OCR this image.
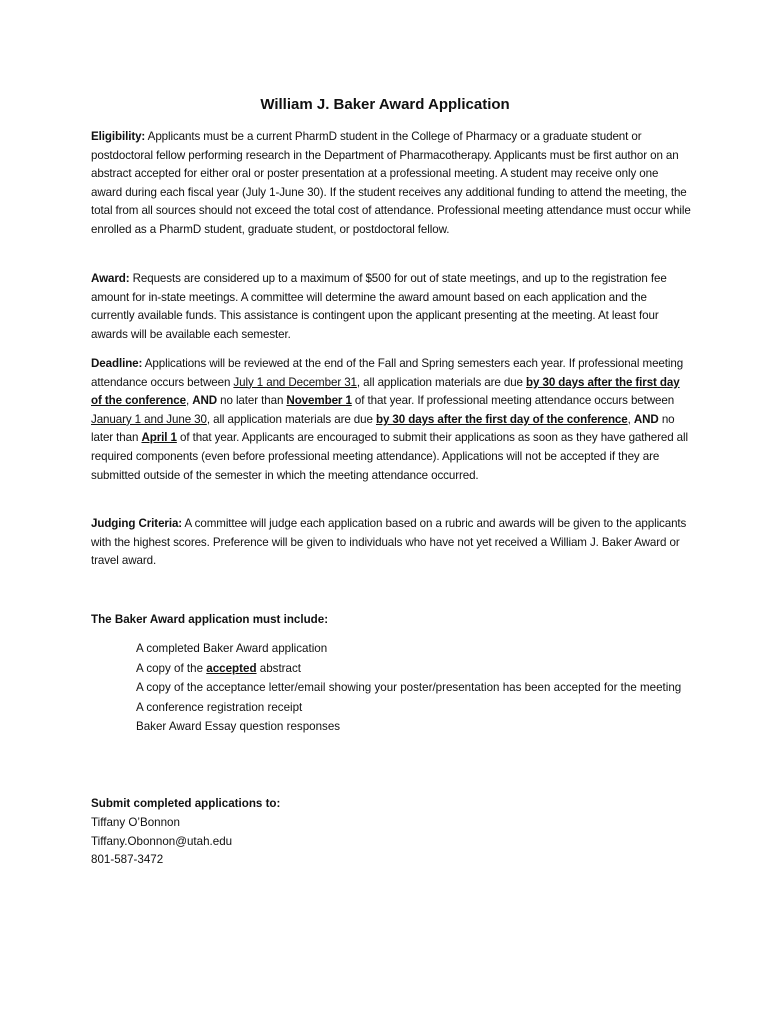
William J. Baker Award Application
Eligibility: Applicants must be a current PharmD student in the College of Pharmacy or a graduate student or postdoctoral fellow performing research in the Department of Pharmacotherapy. Applicants must be first author on an abstract accepted for either oral or poster presentation at a professional meeting. A student may receive only one award during each fiscal year (July 1-June 30). If the student receives any additional funding to attend the meeting, the total from all sources should not exceed the total cost of attendance. Professional meeting attendance must occur while enrolled as a PharmD student, graduate student, or postdoctoral fellow.
Award: Requests are considered up to a maximum of $500 for out of state meetings, and up to the registration fee amount for in-state meetings. A committee will determine the award amount based on each application and the currently available funds. This assistance is contingent upon the applicant presenting at the meeting. At least four awards will be available each semester.
Deadline: Applications will be reviewed at the end of the Fall and Spring semesters each year. If professional meeting attendance occurs between July 1 and December 31, all application materials are due by 30 days after the first day of the conference, AND no later than November 1 of that year. If professional meeting attendance occurs between January 1 and June 30, all application materials are due by 30 days after the first day of the conference, AND no later than April 1 of that year. Applicants are encouraged to submit their applications as soon as they have gathered all required components (even before professional meeting attendance). Applications will not be accepted if they are submitted outside of the semester in which the meeting attendance occurred.
Judging Criteria: A committee will judge each application based on a rubric and awards will be given to the applicants with the highest scores. Preference will be given to individuals who have not yet received a William J. Baker Award or travel award.
The Baker Award application must include:
A completed Baker Award application
A copy of the accepted abstract
A copy of the acceptance letter/email showing your poster/presentation has been accepted for the meeting
A conference registration receipt
Baker Award Essay question responses
Submit completed applications to:
Tiffany O’Bonnon
Tiffany.Obonnon@utah.edu
801-587-3472
